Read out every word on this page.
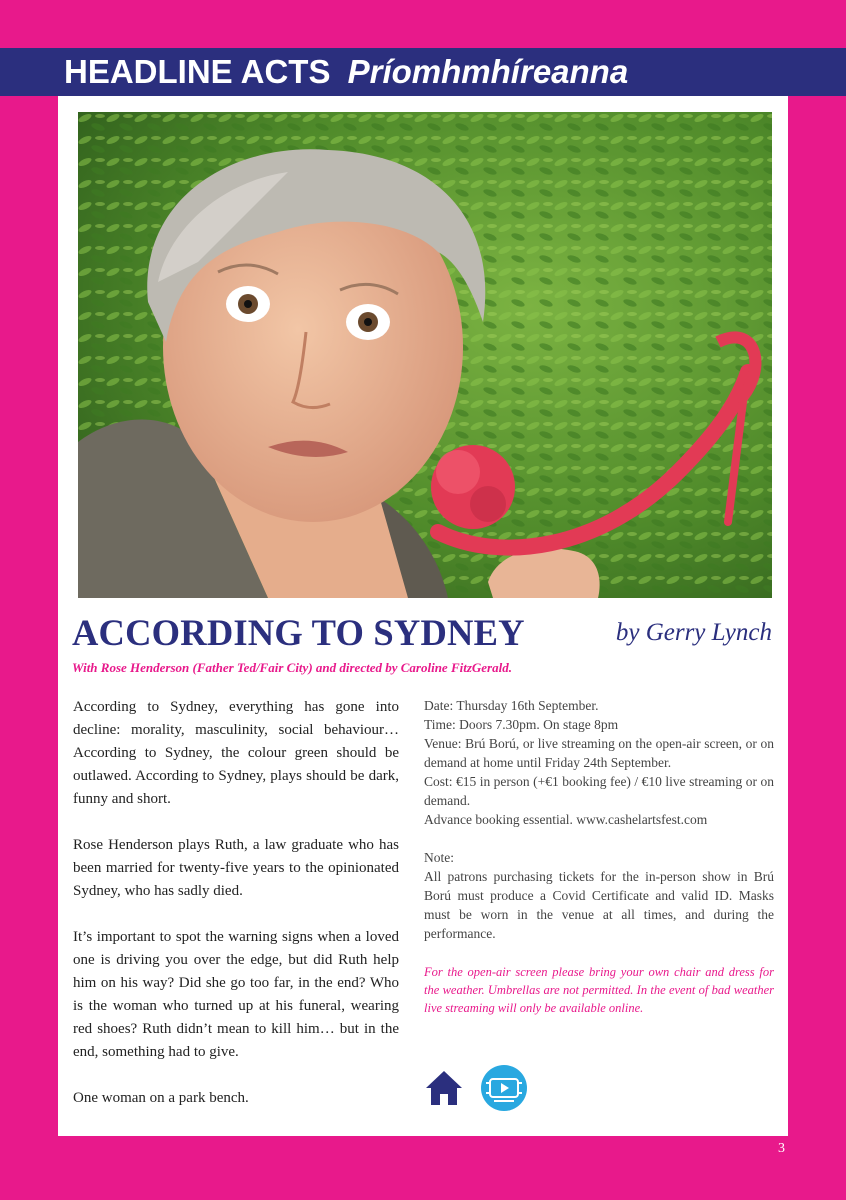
HEADLINE ACTS Príomhmhíreanna
ACCORDING TO SYDNEY	by Gerry Lynch
With Rose Henderson (Father Ted/Fair City) and directed by Caroline FitzGerald.

According to Sydney, everything has gone into decline: morality, masculinity, social behaviour… According to Sydney, the colour green should be outlawed. According to Sydney, plays should be dark, funny and short.

Rose Henderson plays Ruth, a law graduate who has been married for twenty-five years to the opinionated Sydney, who has sadly died.

It’s important to spot the warning signs when a loved one is driving you over the edge, but did Ruth help him on his way? Did she go too far, in the end? Who is the woman who turned up at his funeral, wearing red shoes? Ruth didn’t mean to kill him… but in the end, something had to give.

One woman on a park bench.

Date: Thursday 16th September.

Time: Doors 7.30pm. On stage 8pm

Venue: Brú Ború, or live streaming on the open-air screen, or on demand at home until Friday 24th September.

Cost: €15 in person (+€1 booking fee) / €10 live streaming or on demand.

Advance booking essential. www.cashelartsfest.com

Note:

All patrons purchasing tickets for the in-person show in Brú Ború must produce a Covid Certificate and valid ID. Masks must be worn in the venue at all times, and during the performance.

For the open-air screen please bring your own chair and dress for the weather. Umbrellas are not permitted. In the event of bad weather live streaming will only be available online.

3
